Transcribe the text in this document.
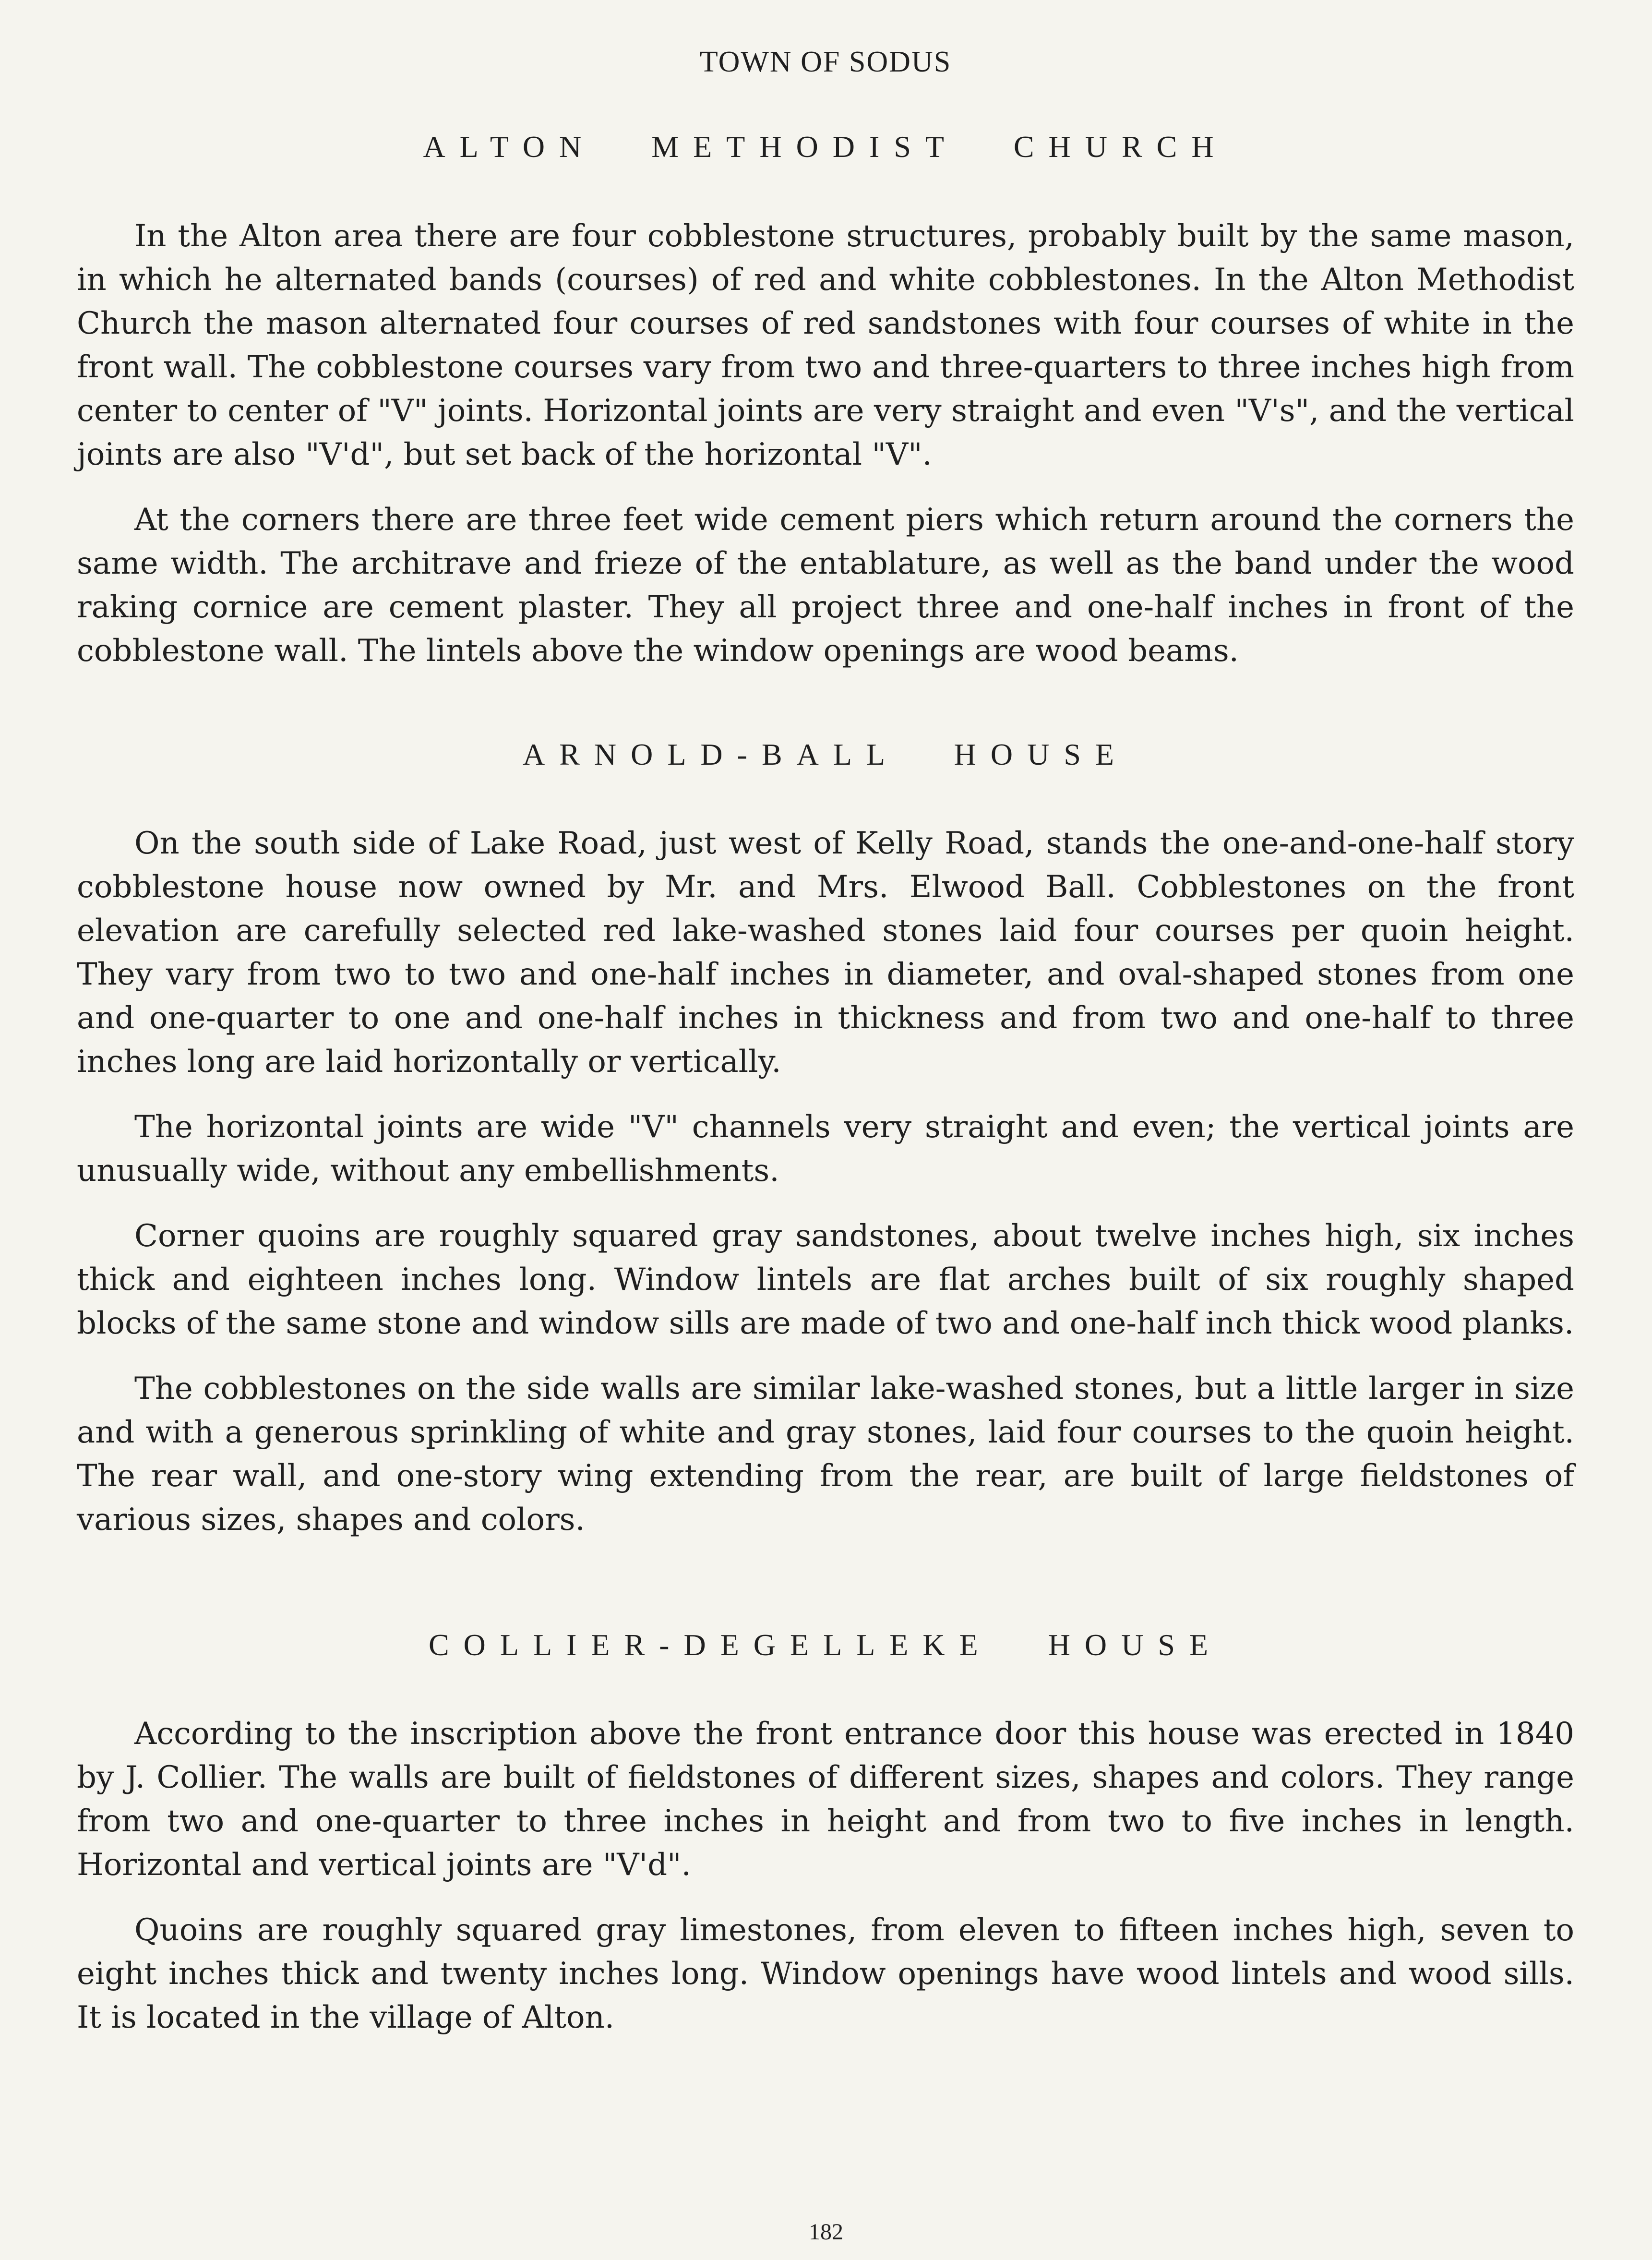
TOWN OF SODUS
ALTON METHODIST CHURCH

In the Alton area there are four cobblestone structures, probably built by the same mason, in which he alternated bands (courses) of red and white cobblestones. In the Alton Methodist Church the mason alternated four courses of red sandstones with four courses of white in the front wall. The cobblestone courses vary from two and three-quarters to three inches high from center to center of "V" joints. Horizontal joints are very straight and even "V's", and the vertical joints are also "V'd", but set back of the horizontal "V".

At the corners there are three feet wide cement piers which return around the corners the same width. The architrave and frieze of the entablature, as well as the band under the wood raking cornice are cement plaster. They all project three and one-half inches in front of the cobblestone wall. The lintels above the window openings are wood beams.

ARNOLD-BALL HOUSE

On the south side of Lake Road, just west of Kelly Road, stands the one-and-one-half story cobblestone house now owned by Mr. and Mrs. Elwood Ball. Cobblestones on the front elevation are carefully selected red lake-washed stones laid four courses per quoin height. They vary from two to two and one-half inches in diameter, and oval-shaped stones from one and one-quarter to one and one-half inches in thickness and from two and one-half to three inches long are laid horizontally or vertically.

The horizontal joints are wide "V" channels very straight and even; the vertical joints are unusually wide, without any embellishments.

Corner quoins are roughly squared gray sandstones, about twelve inches high, six inches thick and eighteen inches long. Window lintels are flat arches built of six roughly shaped blocks of the same stone and window sills are made of two and one-half inch thick wood planks.

The cobblestones on the side walls are similar lake-washed stones, but a little larger in size and with a generous sprinkling of white and gray stones, laid four courses to the quoin height. The rear wall, and one-story wing extending from the rear, are built of large fieldstones of various sizes, shapes and colors.

COLLIER-DEGELLEKE HOUSE

According to the inscription above the front entrance door this house was erected in 1840 by J. Collier. The walls are built of fieldstones of different sizes, shapes and colors. They range from two and one-quarter to three inches in height and from two to five inches in length. Horizontal and vertical joints are "V'd".

Quoins are roughly squared gray limestones, from eleven to fifteen inches high, seven to eight inches thick and twenty inches long. Window openings have wood lintels and wood sills. It is located in the village of Alton.

182
